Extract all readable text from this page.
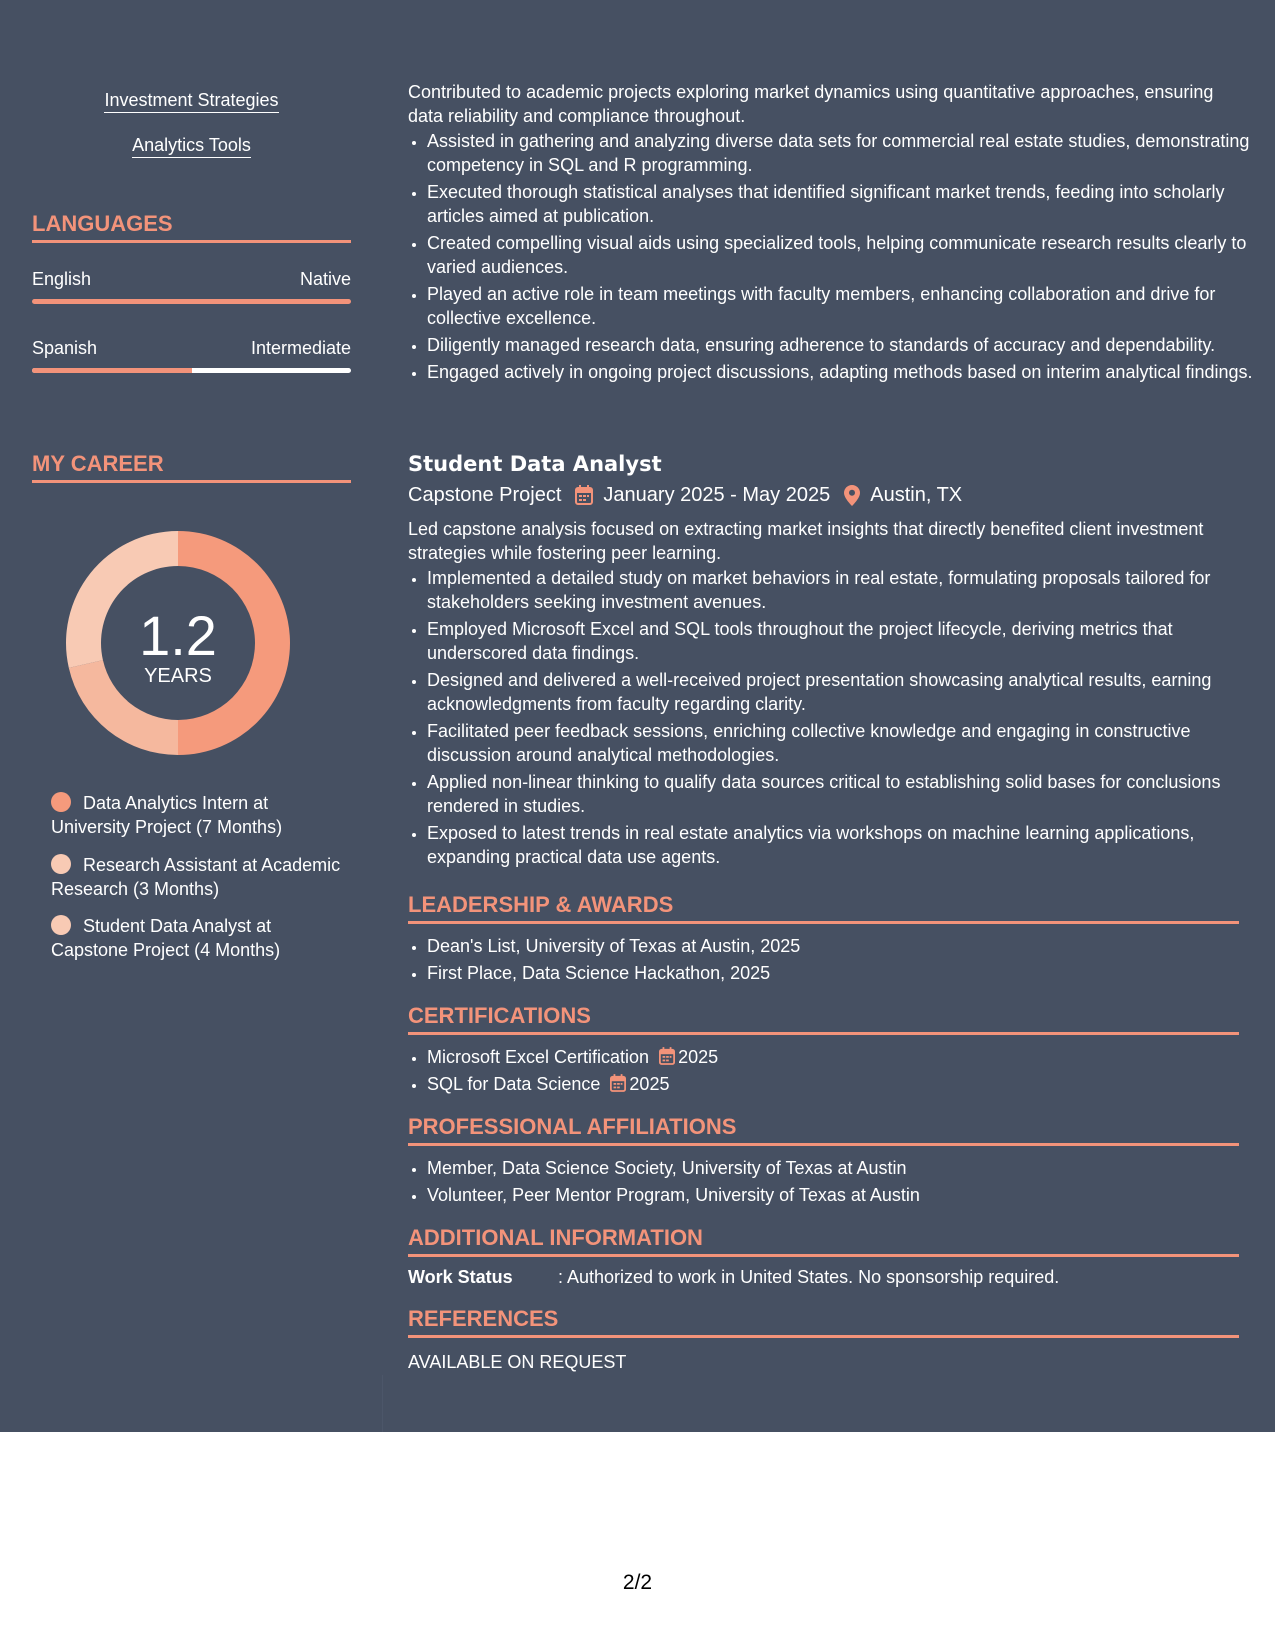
Investment Strategies
Analytics Tools
LANGUAGES
English	Native
Spanish	Intermediate
MY CAREER
1.2
YEARS
Data Analytics Intern at University Project (7 Months)
Research Assistant at Academic Research (3 Months)
Student Data Analyst at Capstone Project (4 Months)
Contributed to academic projects exploring market dynamics using quantitative approaches, ensuring data reliability and compliance throughout.
• Assisted in gathering and analyzing diverse data sets for commercial real estate studies, demonstrating competency in SQL and R programming.
• Executed thorough statistical analyses that identified significant market trends, feeding into scholarly articles aimed at publication.
• Created compelling visual aids using specialized tools, helping communicate research results clearly to varied audiences.
• Played an active role in team meetings with faculty members, enhancing collaboration and drive for collective excellence.
• Diligently managed research data, ensuring adherence to standards of accuracy and dependability.
• Engaged actively in ongoing project discussions, adapting methods based on interim analytical findings.
Student Data Analyst
Capstone Project January 2025 - May 2025 Austin, TX
Led capstone analysis focused on extracting market insights that directly benefited client investment strategies while fostering peer learning.
• Implemented a detailed study on market behaviors in real estate, formulating proposals tailored for stakeholders seeking investment avenues.
• Employed Microsoft Excel and SQL tools throughout the project lifecycle, deriving metrics that underscored data findings.
• Designed and delivered a well-received project presentation showcasing analytical results, earning acknowledgments from faculty regarding clarity.
• Facilitated peer feedback sessions, enriching collective knowledge and engaging in constructive discussion around analytical methodologies.
• Applied non-linear thinking to qualify data sources critical to establishing solid bases for conclusions rendered in studies.
• Exposed to latest trends in real estate analytics via workshops on machine learning applications, expanding practical data use agents.
LEADERSHIP & AWARDS
• Dean's List, University of Texas at Austin, 2025
• First Place, Data Science Hackathon, 2025
CERTIFICATIONS
• Microsoft Excel Certification 2025
• SQL for Data Science 2025
PROFESSIONAL AFFILIATIONS
• Member, Data Science Society, University of Texas at Austin
• Volunteer, Peer Mentor Program, University of Texas at Austin
ADDITIONAL INFORMATION
Work Status	: Authorized to work in United States. No sponsorship required.
REFERENCES
AVAILABLE ON REQUEST
2/2
